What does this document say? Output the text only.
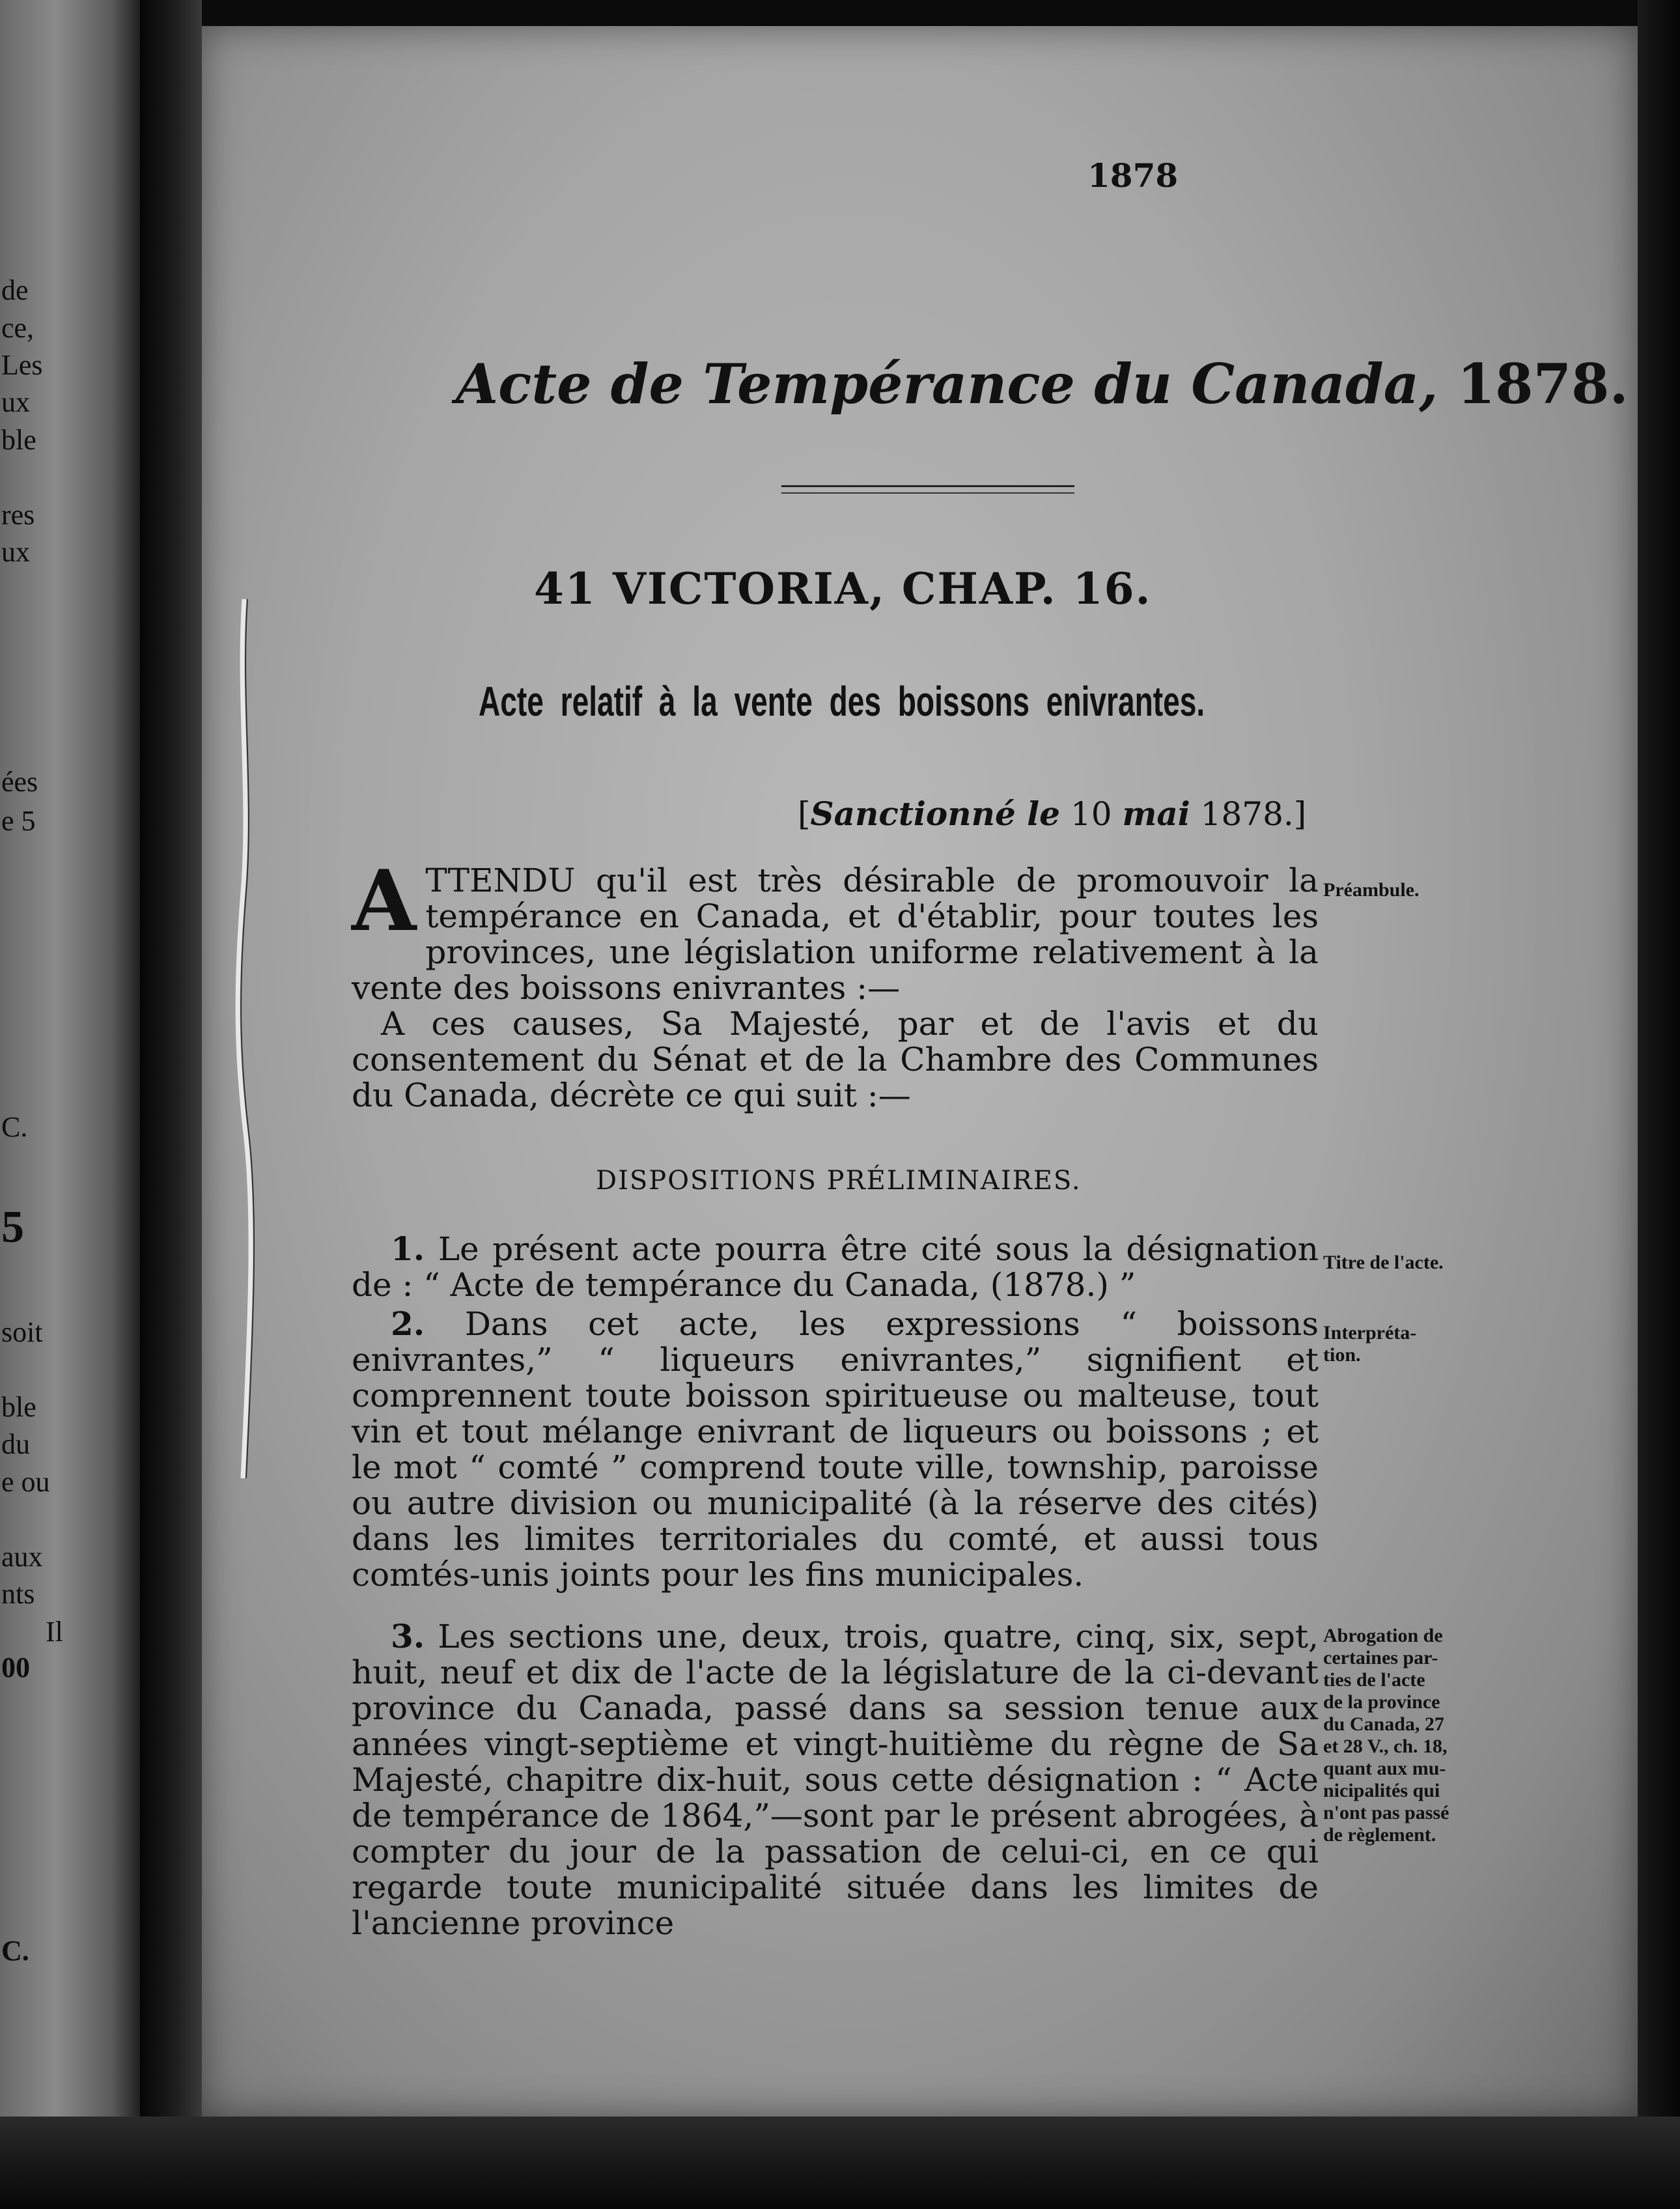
de
ce,
Les
ux
ble
res
ux
ées
e 5
C.
5
soit
ble
du
e ou
aux
nts
Il
00
C.
1878
Acte de Tempérance du Canada, 1878.
41 VICTORIA, CHAP. 16.
Acte relatif à la vente des boissons enivrantes.
[Sanctionné le 10 mai 1878.]
ATTENDU qu'il est très désirable de promouvoir la tempérance en Canada, et d'établir, pour toutes les provinces, une législation uniforme relativement à la vente des boissons enivrantes :—
A ces causes, Sa Majesté, par et de l'avis et du consentement du Sénat et de la Chambre des Communes du Canada, décrète ce qui suit :—
DISPOSITIONS PRÉLIMINAIRES.
1. Le présent acte pourra être cité sous la désignation de : “ Acte de tempérance du Canada, (1878.) ”
2. Dans cet acte, les expressions “ boissons enivrantes,” “ liqueurs enivrantes,” signifient et comprennent toute boisson spiritueuse ou malteuse, tout vin et tout mélange enivrant de liqueurs ou boissons ; et le mot “ comté ” comprend toute ville, township, paroisse ou autre division ou municipalité (à la réserve des cités) dans les limites territoriales du comté, et aussi tous comtés-unis joints pour les fins municipales.
3. Les sections une, deux, trois, quatre, cinq, six, sept, huit, neuf et dix de l'acte de la législature de la ci-devant province du Canada, passé dans sa session tenue aux années vingt-septième et vingt-huitième du règne de Sa Majesté, chapitre dix-huit, sous cette désignation : “ Acte de tempérance de 1864,”—sont par le présent abrogées, à compter du jour de la passation de celui-ci, en ce qui regarde toute municipalité située dans les limites de l'ancienne province
Préambule.
Titre de l'acte.
Interpréta-
tion.
Abrogation de
certaines par-
ties de l'acte
de la province
du Canada, 27
et 28 V., ch. 18,
quant aux mu-
nicipalités qui
n'ont pas passé
de règlement.
